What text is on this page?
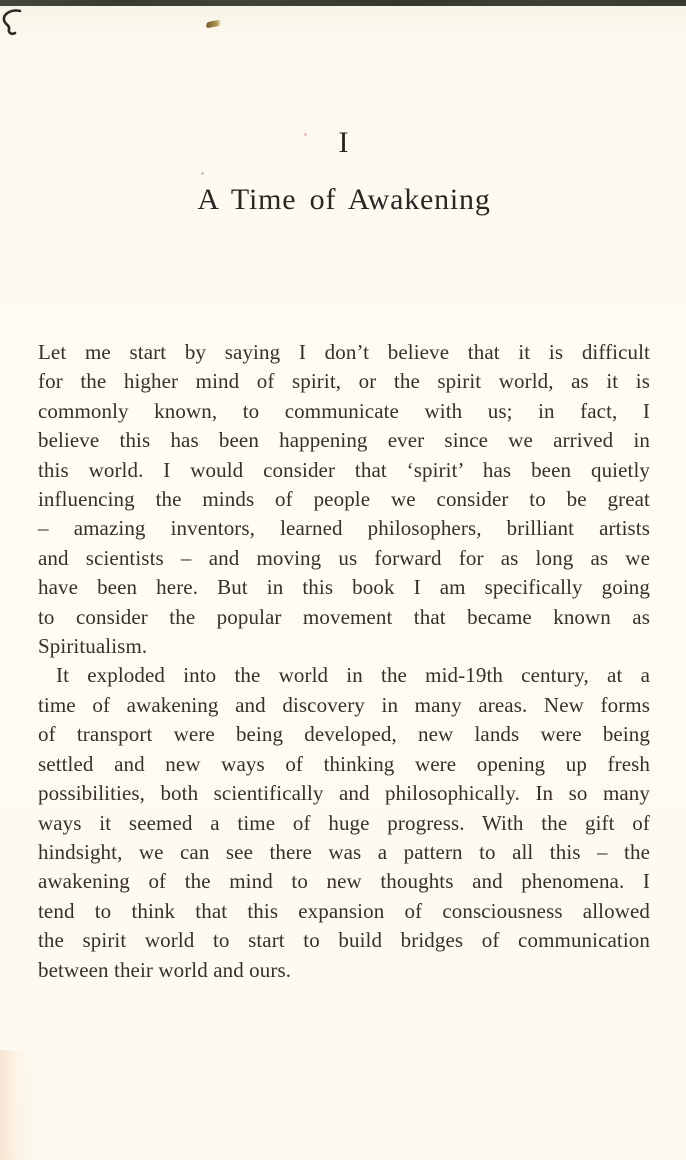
I
A Time of Awakening
Let me start by saying I don’t believe that it is difficult
for the higher mind of spirit, or the spirit world, as it is
commonly known, to communicate with us; in fact, I
believe this has been happening ever since we arrived in
this world. I would consider that ‘spirit’ has been quietly
influencing the minds of people we consider to be great
– amazing inventors, learned philosophers, brilliant artists
and scientists – and moving us forward for as long as we
have been here. But in this book I am specifically going
to consider the popular movement that became known as
Spiritualism.
It exploded into the world in the mid-19th century, at a
time of awakening and discovery in many areas. New forms
of transport were being developed, new lands were being
settled and new ways of thinking were opening up fresh
possibilities, both scientifically and philosophically. In so many
ways it seemed a time of huge progress. With the gift of
hindsight, we can see there was a pattern to all this – the
awakening of the mind to new thoughts and phenomena. I
tend to think that this expansion of consciousness allowed
the spirit world to start to build bridges of communication
between their world and ours.
